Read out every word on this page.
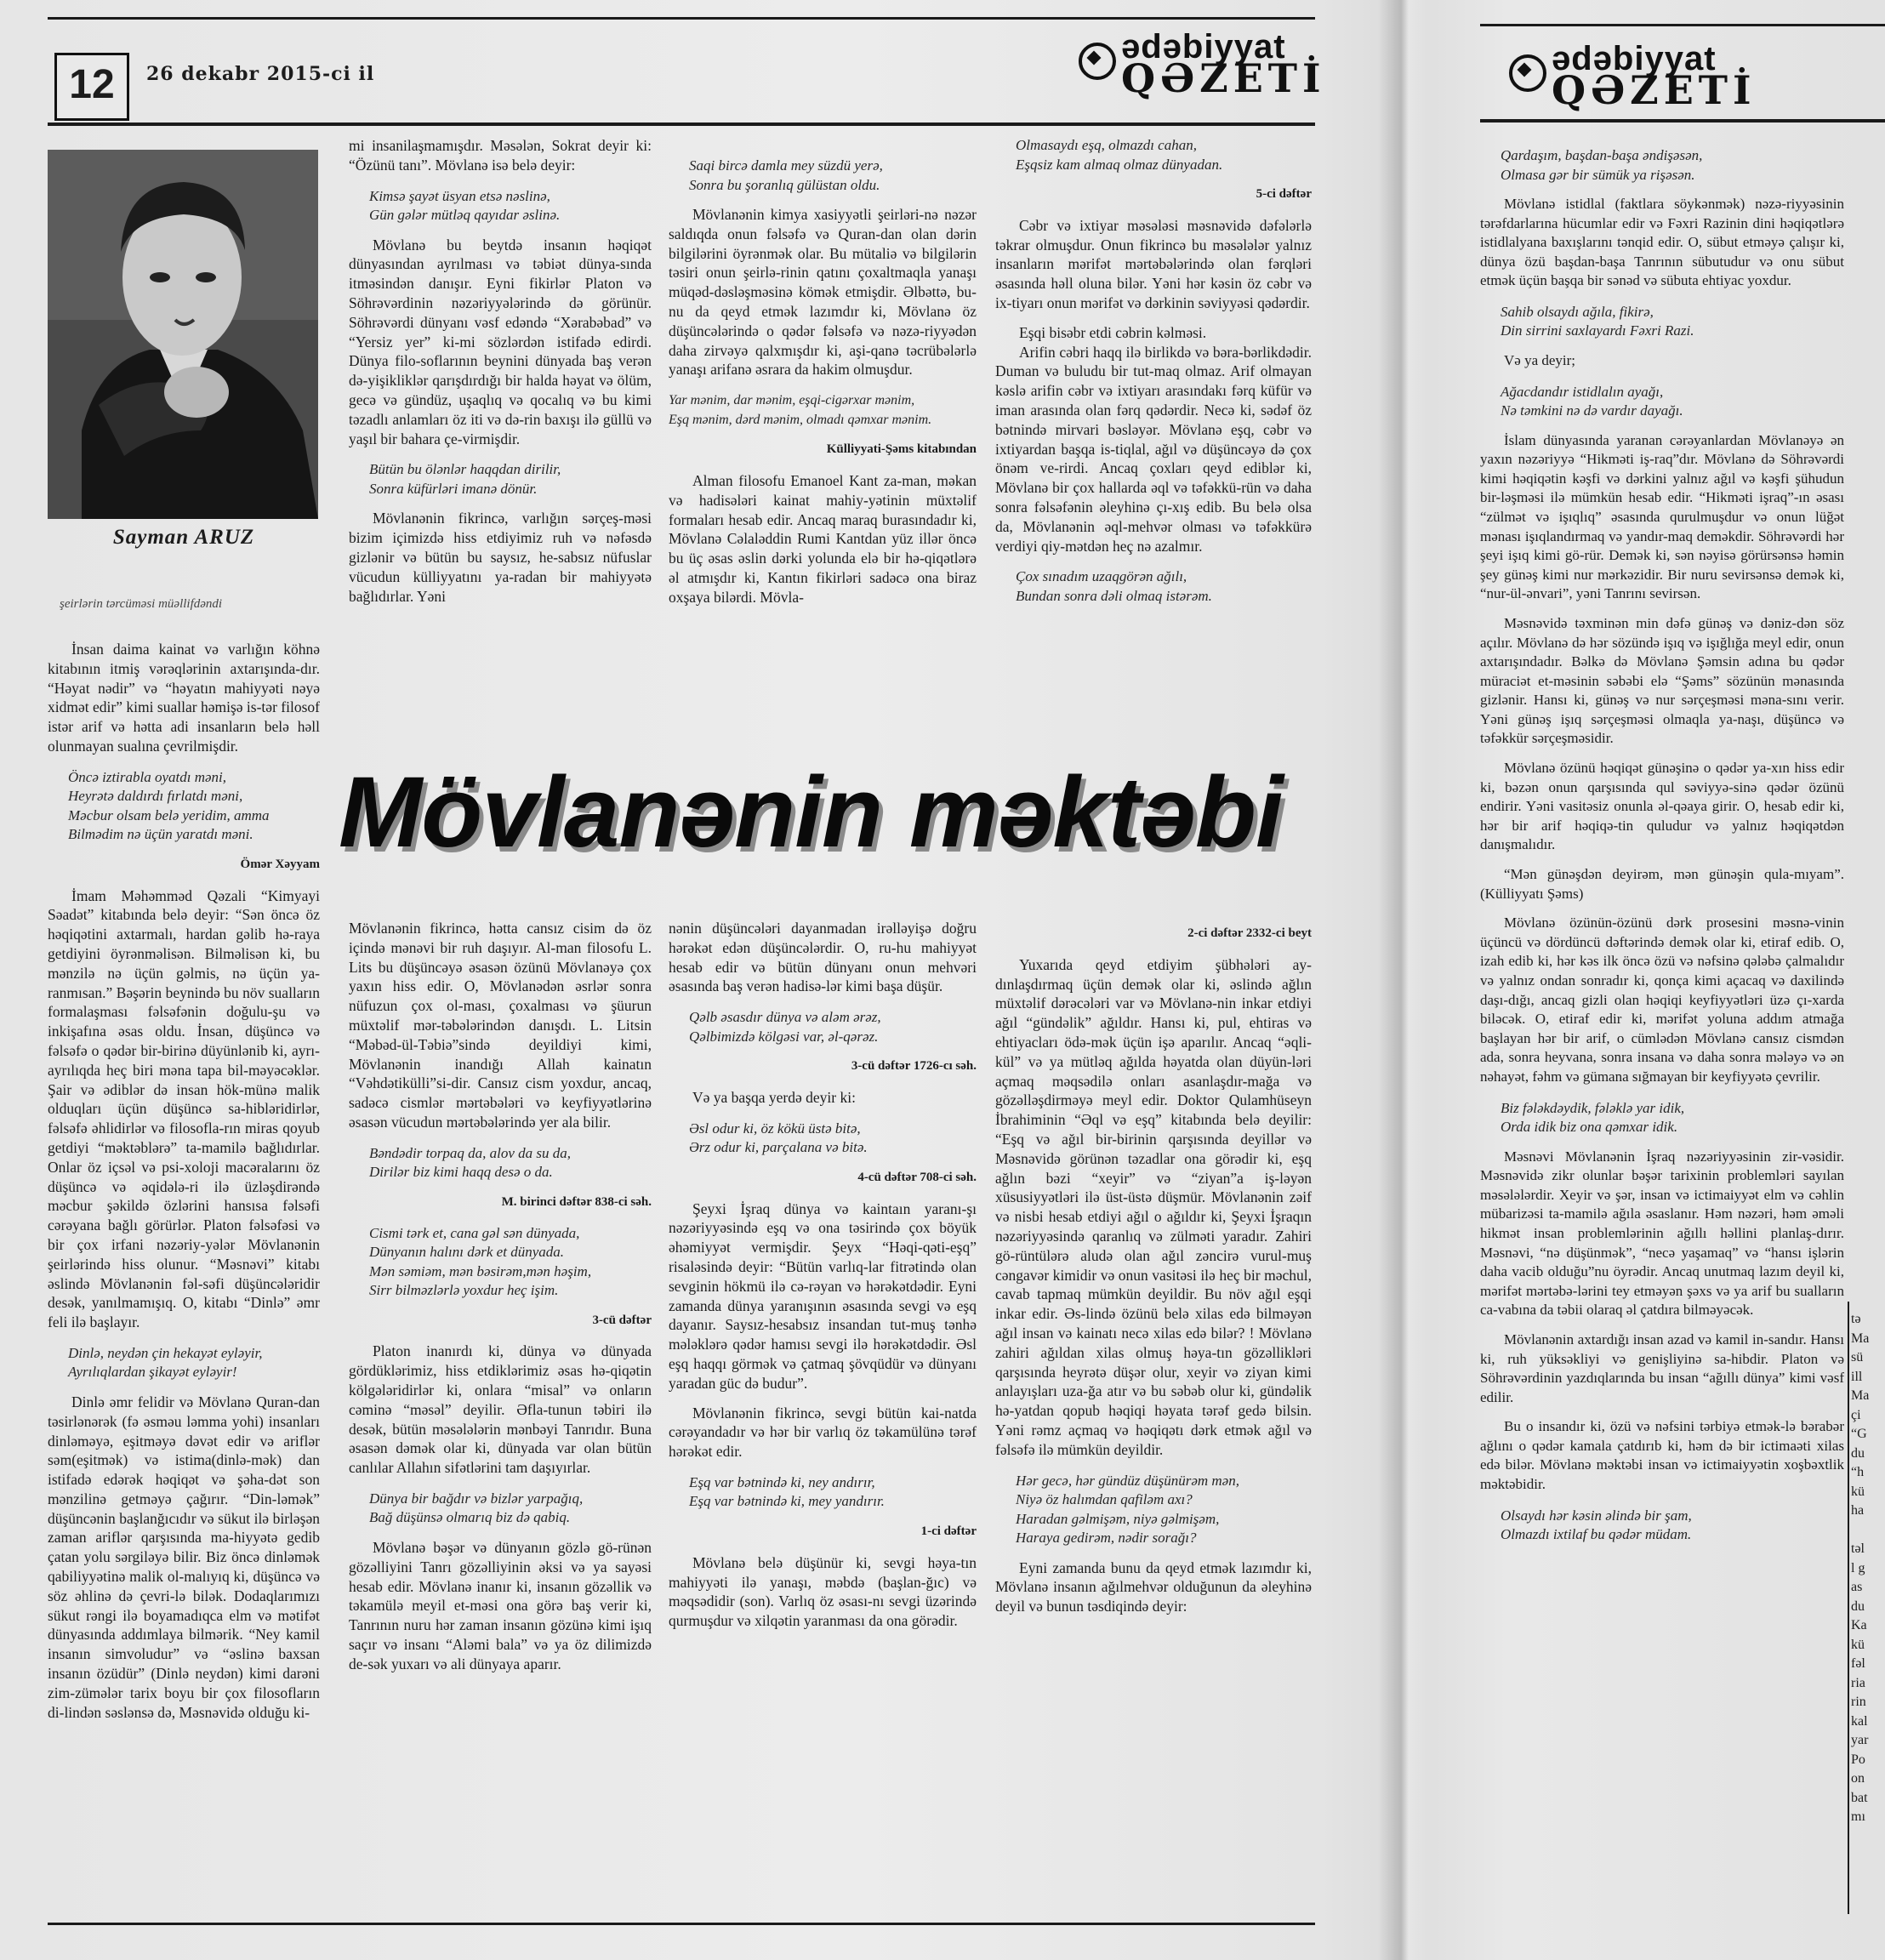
12	26 dekabr 2015-ci il
ədəbiyyat
QƏZETİ	ədəbiyyat
QƏZETİ
Sayman ARUZ
şeirlərin tərcüməsi müəllifdəndi

İnsan daima kainat və varlığın köhnə kitabının itmiş vərəqlərinin axtarışında-dır. “Həyat nədir” və “həyatın mahiyyəti nəyə xidmət edir” kimi suallar həmişə is-tər filosof istər arif və hətta adi insanların belə həll olunmayan sualına çevrilmişdir.

Öncə iztirabla oyatdı məni,
Heyrətə daldırdı fırlatdı məni,
Məcbur olsam belə yeridim, amma
Bilmədim nə üçün yaratdı məni.
Ömər Xəyyam

İmam Məhəmməd Qəzali “Kimyayi Səadət” kitabında belə deyir: “Sən öncə öz həqiqətini axtarmalı, hardan gəlib hə-raya getdiyini öyrənməlisən. Bilməlisən ki, bu mənzilə nə üçün gəlmis, nə üçün ya-ranmısan.” Bəşərin beynində bu növ sualların formalaşması fəlsəfənin doğulu-şu və inkişafına əsas oldu. İnsan, düşüncə və fəlsəfə o qədər bir-birinə düyünlənib ki, ayrı-ayrılıqda heç biri məna tapa bil-məyəcəklər. Şair və ədiblər də insan hök-münə malik olduqları üçün düşüncə sa-hibləridirlər, fəlsəfə əhlidirlər və filosofla-rın miras qoyub getdiyi “məktəblərə” ta-mamilə bağlıdırlar. Onlar öz içsəl və psi-xoloji macəralarını öz düşüncə və əqidələ-ri ilə üzləşdirəndə məcbur şəkildə özlərini hansısa fəlsəfi cərəyana bağlı görürlər. Platon fəlsəfəsi və bir çox irfani nəzəriy-yələr Mövlanənin şeirlərində hiss olunur. “Məsnəvi” kitabı əslində Mövlanənin fəl-səfi düşüncələridir desək, yanılmamışıq. O, kitabı “Dinlə” əmr feli ilə başlayır.

Dinlə, neydən çin hekayət eyləyir,
Ayrılıqlardan şikayət eyləyir!

Dinlə əmr felidir və Mövlanə Quran-dan təsirlənərək (fə əsməu ləmma yohi) insanları dinləməyə, eşitməyə dəvət edir və ariflər səm(eşitmək) və istima(dinlə-mək) dan istifadə edərək həqiqət və şəha-dət son mənzilinə getməyə çağırır. “Din-ləmək” düşüncənin başlanğıcıdır və sükut ilə birləşən zaman ariflər qarşısında ma-hiyyətə gedib çatan yolu sərgiləyə bilir. Biz öncə dinləmək qabiliyyətinə malik ol-malıyıq ki, düşüncə və söz əhlinə də çevri-lə bilək. Dodaqlarımızı sükut rəngi ilə boyamadıqca elm və mətifət dünyasında addımlaya bilmərik. “Ney kamil insanın simvoludur” və “əslinə baxsan insanın özüdür” (Dinlə neydən) kimi darəni zim-zümələr tarix boyu bir çox filosofların di-lindən səslənsə də, Məsnəvidə olduğu ki-

mi insanilaşmamışdır. Məsələn, Sokrat deyir ki: “Özünü tanı”. Mövlanə isə belə deyir:

Kimsə şayət üsyan etsə nəslinə,
Gün gələr mütləq qayıdar əslinə.

Mövlanə bu beytdə insanın həqiqət dünyasından ayrılması və təbiət dünya-sında itməsindən danışır. Eyni fikirlər Platon və Söhrəvərdinin nəzəriyyələrində də görünür. Söhrəvərdi dünyanı vəsf edəndə “Xərabəbad” və “Yersiz yer” ki-mi sözlərdən istifadə edirdi. Dünya filo-soflarının beynini dünyada baş verən də-yişikliklər qarışdırdığı bir halda həyat və ölüm, gecə və gündüz, uşaqlıq və qocalıq və bu kimi təzadlı anlamları öz iti və də-rin baxışı ilə güllü və yaşıl bir bahara çe-virmişdir.

Bütün bu ölənlər haqqdan dirilir,
Sonra küfürləri imanə dönür.

Mövlanənin fikrincə, varlığın sərçeş-məsi bizim içimizdə hiss etdiyimiz ruh və nəfəsdə gizlənir və bütün bu saysız, he-sabsız nüfuslar vücudun külliyyatını ya-radan bir mahiyyətə bağlıdırlar. Yəni

Saqi bircə damla mey süzdü yerə,
Sonra bu şoranlıq gülüstan oldu.

Mövlanənin kimya xasiyyətli şeirləri-nə nəzər saldıqda onun fəlsəfə və Quran-dan olan dərin bilgilərini öyrənmək olar. Bu mütaliə və bilgilərin təsiri onun şeirlə-rinin qatını çoxaltmaqla yanaşı müqəd-dəsləşməsinə kömək etmişdir. Əlbəttə, bu-nu da qeyd etmək lazımdır ki, Mövlanə öz düşüncələrində o qədər fəlsəfə və nəzə-riyyədən daha zirvəyə qalxmışdır ki, aşi-qanə təcrübələrlə yanaşı arifanə əsrara da hakim olmuşdur.

Yar mənim, dar mənim, eşqi-cigərxar mənim,
Eşq mənim, dərd mənim, olmadı qəmxar mənim.
Külliyyati-Şəms kitabından

Alman filosofu Emanoel Kant za-man, məkan və hadisələri kainat mahiy-yətinin müxtəlif formaları hesab edir. Ancaq maraq burasındadır ki, Mövlanə Cəlaləddin Rumi Kantdan yüz illər öncə bu üç əsas əslin dərki yolunda elə bir hə-qiqətlərə əl atmışdır ki, Kantın fikirləri sadəcə ona biraz oxşaya bilərdi. Mövla-

Olmasaydı eşq, olmazdı cahan,
Eşqsiz kam almaq olmaz dünyadan.
5-ci dəftər

Cəbr və ixtiyar məsələsi məsnəvidə dəfələrlə təkrar olmuşdur. Onun fikrincə bu məsələlər yalnız insanların mərifət mərtəbələrində olan fərqləri əsasında həll oluna bilər. Yəni hər kəsin öz cəbr və ix-tiyarı onun mərifət və dərkinin səviyyəsi qədərdir.

Eşqi bisəbr etdi cəbrin kəlməsi.

Arifin cəbri haqq ilə birlikdə və bəra-bərlikdədir. Duman və buludu bir tut-maq olmaz. Arif olmayan kəslə arifin cəbr və ixtiyarı arasındakı fərq küfür və iman arasında olan fərq qədərdir. Necə ki, sədəf öz bətnində mirvari bəsləyər. Mövlanə eşq, cəbr və ixtiyardan başqa is-tiqlal, ağıl və düşüncəyə də çox önəm ve-rirdi. Ancaq çoxları qeyd ediblər ki, Mövlanə bir çox hallarda əql və təfəkkü-rün və daha sonra fəlsəfənin əleyhinə çı-xış edib. Bu belə olsa da, Mövlanənin əql-mehvər olması və təfəkkürə verdiyi qiy-mətdən heç nə azalmır.

Çox sınadım uzaqgörən ağılı,
Bundan sonra dəli olmaq istərəm.
Mövlanənin məktəbi

Mövlanənin fikrincə, hətta cansız cisim də öz içində mənəvi bir ruh daşıyır. Al-man filosofu L. Lits bu düşüncəyə əsasən özünü Mövlanəyə çox yaxın hiss edir. O, Mövlanədən əsrlər sonra nüfuzun çox ol-ması, çoxalması və şüurun müxtəlif mər-təbələrindən danışdı. L. Litsin “Məbəd-ül-Təbiə”sində deyildiyi kimi, Mövlanənin inandığı Allah kainatın “Vəhdətikülli”si-dir. Cansız cism yoxdur, ancaq, sadəcə cismlər mərtəbələri və keyfiyyətlərinə əsasən vücudun mərtəbələrində yer ala bilir.

Bəndədir torpaq da, alov da su da,
Dirilər biz kimi haqq desə o da.
M. birinci dəftər 838-ci səh.
Cismi tərk et, cana gəl sən dünyada,
Dünyanın halını dərk et dünyada.
Mən səmiəm, mən bəsirəm,mən həşim,
Sirr bilməzlərlə yoxdur heç işim.
3-cü dəftər

Platon inanırdı ki, dünya və dünyada gördüklərimiz, hiss etdiklərimiz əsas hə-qiqətin kölgələridirlər ki, onlara “misal” və onların cəminə “məsəl” deyilir. Əfla-tunun təbiri ilə desək, bütün məsələlərin mənbəyi Tanrıdır. Buna əsasən dəmək olar ki, dünyada var olan bütün canlılar Allahın sifətlərini tam daşıyırlar.

Dünya bir bağdır və bizlər yarpağıq,
Bağ düşünsə olmarıq biz də qabiq.

Mövlanə bəşər və dünyanın gözlə gö-rünən gözəlliyini Tanrı gözəlliyinin əksi və ya sayəsi hesab edir. Mövlanə inanır ki, insanın gözəllik və təkamülə meyil et-məsi ona görə baş verir ki, Tanrının nuru hər zaman insanın gözünə kimi işıq saçır və insanı “Aləmi bala” və ya öz dilimizdə de-sək yuxarı və ali dünyaya aparır.

nənin düşüncələri dayanmadan irəlləyişə doğru hərəkət edən düşüncələrdir. O, ru-hu mahiyyət hesab edir və bütün dünyanı onun mehvəri əsasında baş verən hadisə-lər kimi başa düşür.

Qəlb əsasdır dünya və aləm ərəz,
Qəlbimizdə kölgəsi var, əl-qərəz.
3-cü dəftər 1726-cı səh.

Və ya başqa yerdə deyir ki:

Əsl odur ki, öz kökü üstə bitə,
Ərz odur ki, parçalana və bitə.
4-cü dəftər 708-ci səh.

Şeyxi İşraq dünya və kaintaın yaranı-şı nəzəriyyəsində eşq və ona təsirində çox böyük əhəmiyyət vermişdir. Şeyx “Həqi-qəti-eşq” risaləsində deyir: “Bütün varlıq-lar fitrətində olan sevginin hökmü ilə cə-rəyan və hərəkətdədir. Eyni zamanda dünya yaranışının əsasında sevgi və eşq dayanır. Saysız-hesabsız insandan tut-muş tənhə mələklərə qədər hamısı sevgi ilə hərəkətdədir. Əsl eşq haqqı görmək və çatmaq şövqüdür və dünyanı yaradan güc də budur”.

Mövlanənin fikrincə, sevgi bütün kai-natda cərəyandadır və hər bir varlıq öz təkamülünə tərəf hərəkət edir.

Eşq var bətnində ki, ney andırır,
Eşq var bətnində ki, mey yandırır.
1-ci dəftər

Mövlanə belə düşünür ki, sevgi həya-tın mahiyyəti ilə yanaşı, məbdə (başlan-ğıc) və məqsədidir (son). Varlıq öz əsası-nı sevgi üzərində qurmuşdur və xilqətin yaranması da ona görədir.

2-ci dəftər 2332-ci beyt

Yuxarıda qeyd etdiyim şübhələri ay-dınlaşdırmaq üçün demək olar ki, əslində ağlın müxtəlif dərəcələri var və Mövlanə-nin inkar etdiyi ağıl “gündəlik” ağıldır. Hansı ki, pul, ehtiras və ehtiyacları ödə-mək üçün işə aparılır. Ancaq “əqli-kül” və ya mütləq ağılda həyatda olan düyün-ləri açmaq məqsədilə onları asanlaşdır-mağa və gözəlləşdirməyə meyl edir. Doktor Qulamhüseyn İbrahiminin “Əql və eşq” kitabında belə deyilir: “Eşq və ağıl bir-birinin qarşısında deyillər və Məsnəvidə görünən təzadlar ona görədir ki, eşq ağlın bəzi “xeyir” və “ziyan”a iş-ləyən xüsusiyyətləri ilə üst-üstə düşmür. Mövlanənin zəif və nisbi hesab etdiyi ağıl o ağıldır ki, Şeyxi İşraqın nəzəriyyəsində qaranlıq və zülməti yaradır. Zahiri gö-rüntülərə aludə olan ağıl zəncirə vurul-muş cəngavər kimidir və onun vasitəsi ilə heç bir məchul, cavab tapmaq mümkün deyildir. Bu növ ağıl eşqi inkar edir. Əs-lində özünü belə xilas edə bilməyən ağıl insan və kainatı necə xilas edə bilər? ! Mövlanə zahiri ağıldan xilas olmuş həya-tın gözəllikləri qarşısında heyrətə düşər olur, xeyir və ziyan kimi anlayışları uza-ğa atır və bu səbəb olur ki, gündəlik hə-yatdan qopub həqiqi həyata tərəf gedə bilsin. Yəni rəmz açmaq və həqiqətı dərk etmək ağıl və fəlsəfə ilə mümkün deyildir.

Hər gecə, hər gündüz düşünürəm mən,
Niyə öz halımdan qafiləm axı?
Haradan gəlmişəm, niyə gəlmişəm,
Haraya gedirəm, nədir sorağı?

Eyni zamanda bunu da qeyd etmək lazımdır ki, Mövlanə insanın ağılmehvər olduğunun da əleyhinə deyil və bunun təsdiqində deyir:

Qardaşım, başdan-başa əndişəsən,
Olmasa gər bir sümük ya rişəsən.

Mövlanə istidlal (faktlara söykənmək) nəzə-riyyəsinin tərəfdarlarına hücumlar edir və Fəxri Razinin dini həqiqətlərə istidlalyana baxışlarını tənqid edir. O, sübut etməyə çalışır ki, dünya özü başdan-başa Tanrının sübutudur və onu sübut etmək üçün başqa bir sənəd və sübuta ehtiyac yoxdur.

Sahib olsaydı ağıla, fikirə,
Din sirrini saxlayardı Fəxri Razi.

Və ya deyir;

Ağacdandır istidlalın ayağı,
Nə təmkini nə də vardır dayağı.

İslam dünyasında yaranan cərəyanlardan Mövlanəyə ən yaxın nəzəriyyə “Hikməti iş-raq”dır. Mövlanə də Söhrəvərdi kimi həqiqətin kəşfi və dərkini yalnız ağıl və kəşfi şühudun bir-ləşməsi ilə mümkün hesab edir. “Hikməti işraq”-ın əsası “zülmət və işıqlıq” əsasında qurulmuşdur və onun lüğət mənası işıqlandırmaq və yandır-maq deməkdir. Söhrəvərdi hər şeyi işıq kimi gö-rür. Demək ki, sən nəyisə görürsənsə həmin şey günəş kimi nur mərkəzidir. Bir nuru sevirsənsə demək ki, “nur-ül-ənvari”, yəni Tanrını sevirsən.

Məsnəvidə təxminən min dəfə günəş və dəniz-dən söz açılır. Mövlanə də hər sözündə işıq və işığlığa meyl edir, onun axtarışındadır. Bəlkə də Mövlanə Şəmsin adına bu qədər müraciət et-məsinin səbəbi elə “Şəms” sözünün mənasında gizlənir. Hansı ki, günəş və nur sərçeşməsi məna-sını verir. Yəni günəş işıq sərçeşməsi olmaqla ya-naşı, düşüncə və təfəkkür sərçeşməsidir.

Mövlanə özünü həqiqət günəşinə o qədər ya-xın hiss edir ki, bəzən onun qarşısında qul səviyyə-sinə qədər özünü endirir. Yəni vasitəsiz onunla əl-qəaya girir. O, hesab edir ki, hər bir arif həqiqə-tin quludur və yalnız həqiqətdən danışmalıdır.

“Mən günəşdən deyirəm, mən günəşin qula-mıyam”. (Külliyyatı Şəms)

Mövlanə özünün-özünü dərk prosesini məsnə-vinin üçüncü və dördüncü dəftərində demək olar ki, etiraf edib. O, izah edib ki, hər kəs ilk öncə özü və nəfsinə qələbə çalmalıdır və yalnız ondan sonradır ki, qonça kimi açacaq və daxilində daşı-dığı, ancaq gizli olan həqiqi keyfiyyətləri üzə çı-xarda biləcək. O, etiraf edir ki, mərifət yoluna addım atmağa başlayan hər bir arif, o cümlədən Mövlanə cansız cismdən ada, sonra heyvana, sonra insana və daha sonra mələyə və ən nəhayət, fəhm və gümana sığmayan bir keyfiyyətə çevrilir.

Biz fələkdəydik, fələklə yar idik,
Orda idik biz ona qəmxar idik.

Məsnəvi Mövlanənin İşraq nəzəriyyəsinin zir-vəsidir. Məsnəvidə zikr olunlar bəşər tarixinin problemləri sayılan məsələlərdir. Xeyir və şər, insan və ictimaiyyət elm və cəhlin mübarizəsi ta-mamilə ağıla əsaslanır. Həm nəzəri, həm əməli hikmət insan problemlərinin ağıllı həllini planlaş-dırır. Məsnəvi, “nə düşünmək”, “necə yaşamaq” və “hansı işlərin daha vacib olduğu”nu öyrədir. Ancaq unutmaq lazım deyil ki, mərifət mərtəbə-lərini tey etməyən şəxs və ya arif bu sualların ca-vabına da təbii olaraq əl çatdıra bilməyəcək.

Mövlanənin axtardığı insan azad və kamil in-sandır. Hansı ki, ruh yüksəkliyi və genişliyinə sa-hibdir. Platon və Söhrəvərdinin yazdıqlarında bu insan “ağıllı dünya” kimi vəsf edilir.

Bu o insandır ki, özü və nəfsini tərbiyə etmək-lə bərabər ağlını o qədər kamala çatdırıb ki, həm də bir ictimaəti xilas edə bilər. Mövlanə məktəbi insan və ictimaiyyətin xoşbəxtlik məktəbidir.

Olsaydı hər kəsin əlində bir şam,
Olmazdı ixtilaf bu qədər müdam.
tə
Ma
sü
ill
Ma
çi
“G
du
“h
kü
ha

təl
l g
as
du
Ka
kü
fəl
ria
rin
kal
yar
Po
on
bat
mı
